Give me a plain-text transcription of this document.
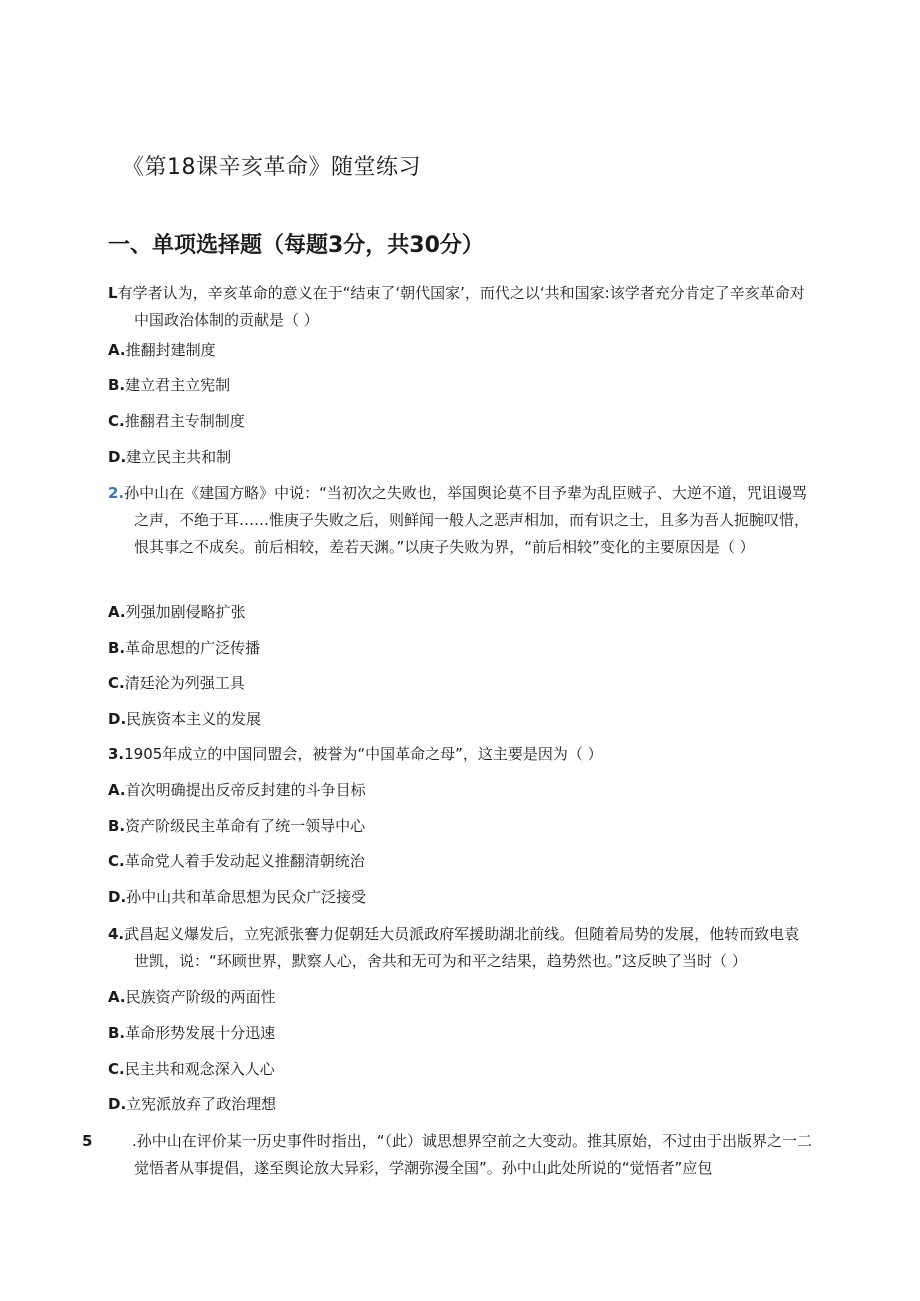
《第18课辛亥革命》随堂练习
一、单项选择题（每题3分，共30分）
L有学者认为，辛亥革命的意义在于“结束了‘朝代国家’，而代之以‘共和国家:该学者充分肯定了辛亥革命对中国政治体制的贡献是（ ）
A.推翻封建制度
B.建立君主立宪制
C.推翻君主专制制度
D.建立民主共和制
2.孙中山在《建国方略》中说：“当初次之失败也，举国舆论莫不目予辈为乱臣贼子、大逆不道，咒诅谩骂之声，不绝于耳……惟庚子失败之后，则鲜闻一般人之恶声相加，而有识之士，且多为吾人扼腕叹惜，恨其事之不成矣。前后相较，差若天渊。”以庚子失败为界，“前后相较”变化的主要原因是（ ）
A.列强加剧侵略扩张
B.革命思想的广泛传播
C.清廷沦为列强工具
D.民族资本主义的发展
3.1905年成立的中国同盟会，被誉为“中国革命之母”，这主要是因为（ ）
A.首次明确提出反帝反封建的斗争目标
B.资产阶级民主革命有了统一领导中心
C.革命党人着手发动起义推翻清朝统治
D.孙中山共和革命思想为民众广泛接受
4.武昌起义爆发后，立宪派张謇力促朝廷大员派政府军援助湖北前线。但随着局势的发展，他转而致电袁世凯，说：“环顾世界，默察人心，舍共和无可为和平之结果，趋势然也。”这反映了当时（ ）
A.民族资产阶级的两面性
B.革命形势发展十分迅速
C.民主共和观念深入人心
D.立宪派放弃了政治理想
5	.孙中山在评价某一历史事件时指出，“（此）诚思想界空前之大变动。推其原始，不过由于出版界之一二觉悟者从事提倡，遂至舆论放大异彩，学潮弥漫全国”。孙中山此处所说的“觉悟者”应包
